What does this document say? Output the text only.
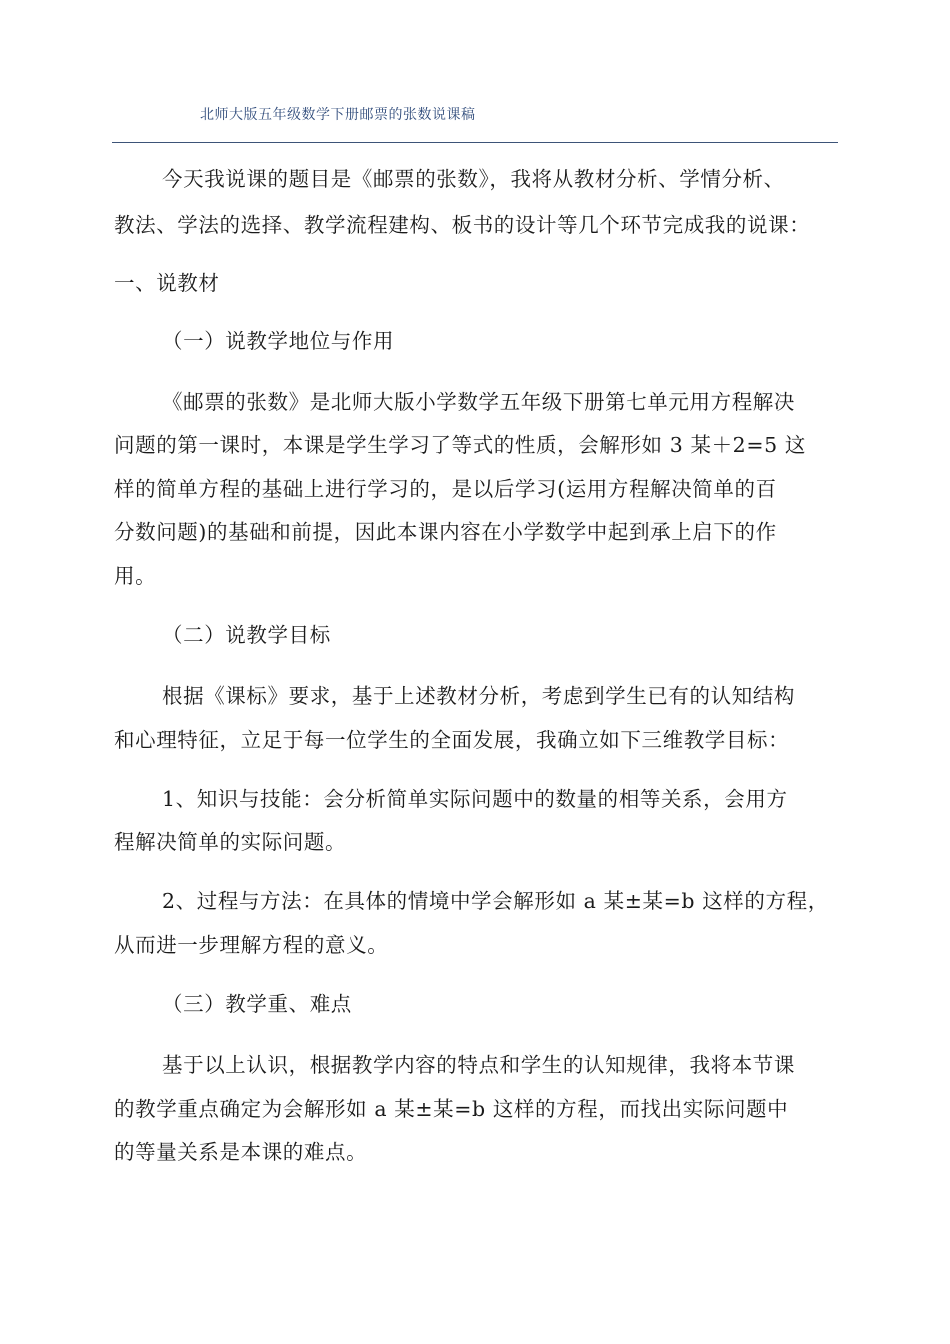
北师大版五年级数学下册邮票的张数说课稿
今天我说课的题目是《邮票的张数》，我将从教材分析、学情分析、
教法、学法的选择、教学流程建构、板书的设计等几个环节完成我的说课：
一、说教材
（一）说教学地位与作用
《邮票的张数》是北师大版小学数学五年级下册第七单元用方程解决
问题的第一课时，本课是学生学习了等式的性质，会解形如 3 某＋2=5 这
样的简单方程的基础上进行学习的，是以后学习(运用方程解决简单的百
分数问题)的基础和前提，因此本课内容在小学数学中起到承上启下的作
用。
（二）说教学目标
根据《课标》要求，基于上述教材分析，考虑到学生已有的认知结构
和心理特征，立足于每一位学生的全面发展，我确立如下三维教学目标：
1、知识与技能：会分析简单实际问题中的数量的相等关系，会用方
程解决简单的实际问题。
2、过程与方法：在具体的情境中学会解形如 a 某±某=b 这样的方程，
从而进一步理解方程的意义。
（三）教学重、难点
基于以上认识，根据教学内容的特点和学生的认知规律，我将本节课
的教学重点确定为会解形如 a 某±某=b 这样的方程，而找出实际问题中
的等量关系是本课的难点。
